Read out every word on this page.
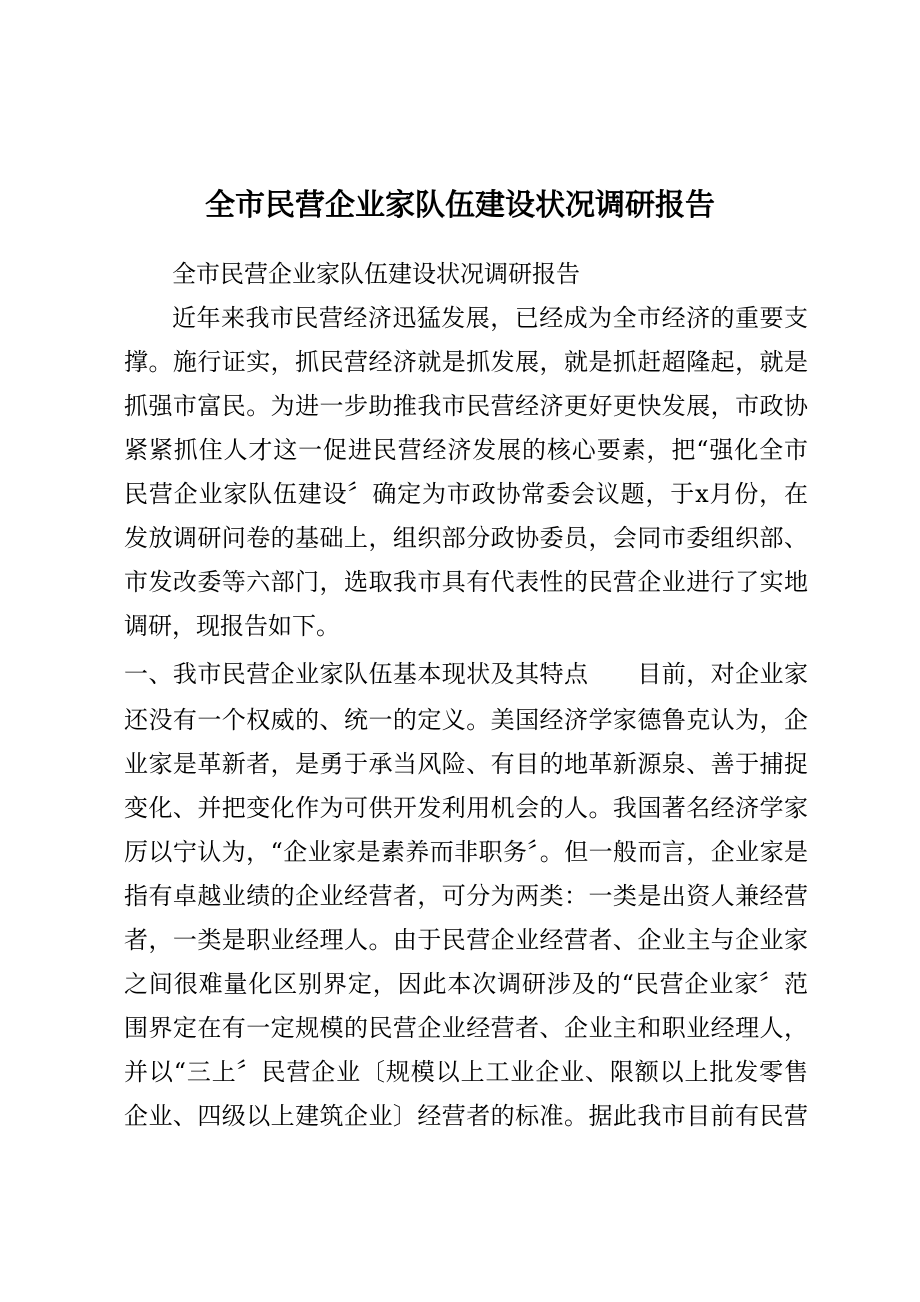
全市民营企业家队伍建设状况调研报告
全市民营企业家队伍建设状况调研报告
近年来我市民营经济迅猛发展，已经成为全市经济的重要支
撑。施行证实，抓民营经济就是抓发展，就是抓赶超隆起，就是
抓强市富民。为进一步助推我市民营经济更好更快发展，市政协
紧紧抓住人才这一促进民营经济发展的核心要素，把“强化全市
民营企业家队伍建设〞确定为市政协常委会议题，于x月份，在
发放调研问卷的基础上，组织部分政协委员，会同市委组织部、
市发改委等六部门，选取我市具有代表性的民营企业进行了实地
调研，现报告如下。
一、我市民营企业家队伍基本现状及其特点　　目前，对企业家
还没有一个权威的、统一的定义。美国经济学家德鲁克认为，企
业家是革新者，是勇于承当风险、有目的地革新源泉、善于捕捉
变化、并把变化作为可供开发利用机会的人。我国著名经济学家
厉以宁认为，“企业家是素养而非职务〞。但一般而言，企业家是
指有卓越业绩的企业经营者，可分为两类：一类是出资人兼经营
者，一类是职业经理人。由于民营企业经营者、企业主与企业家
之间很难量化区别界定，因此本次调研涉及的“民营企业家〞范
围界定在有一定规模的民营企业经营者、企业主和职业经理人，
并以“三上〞民营企业〔规模以上工业企业、限额以上批发零售
企业、四级以上建筑企业〕经营者的标准。据此我市目前有民营
